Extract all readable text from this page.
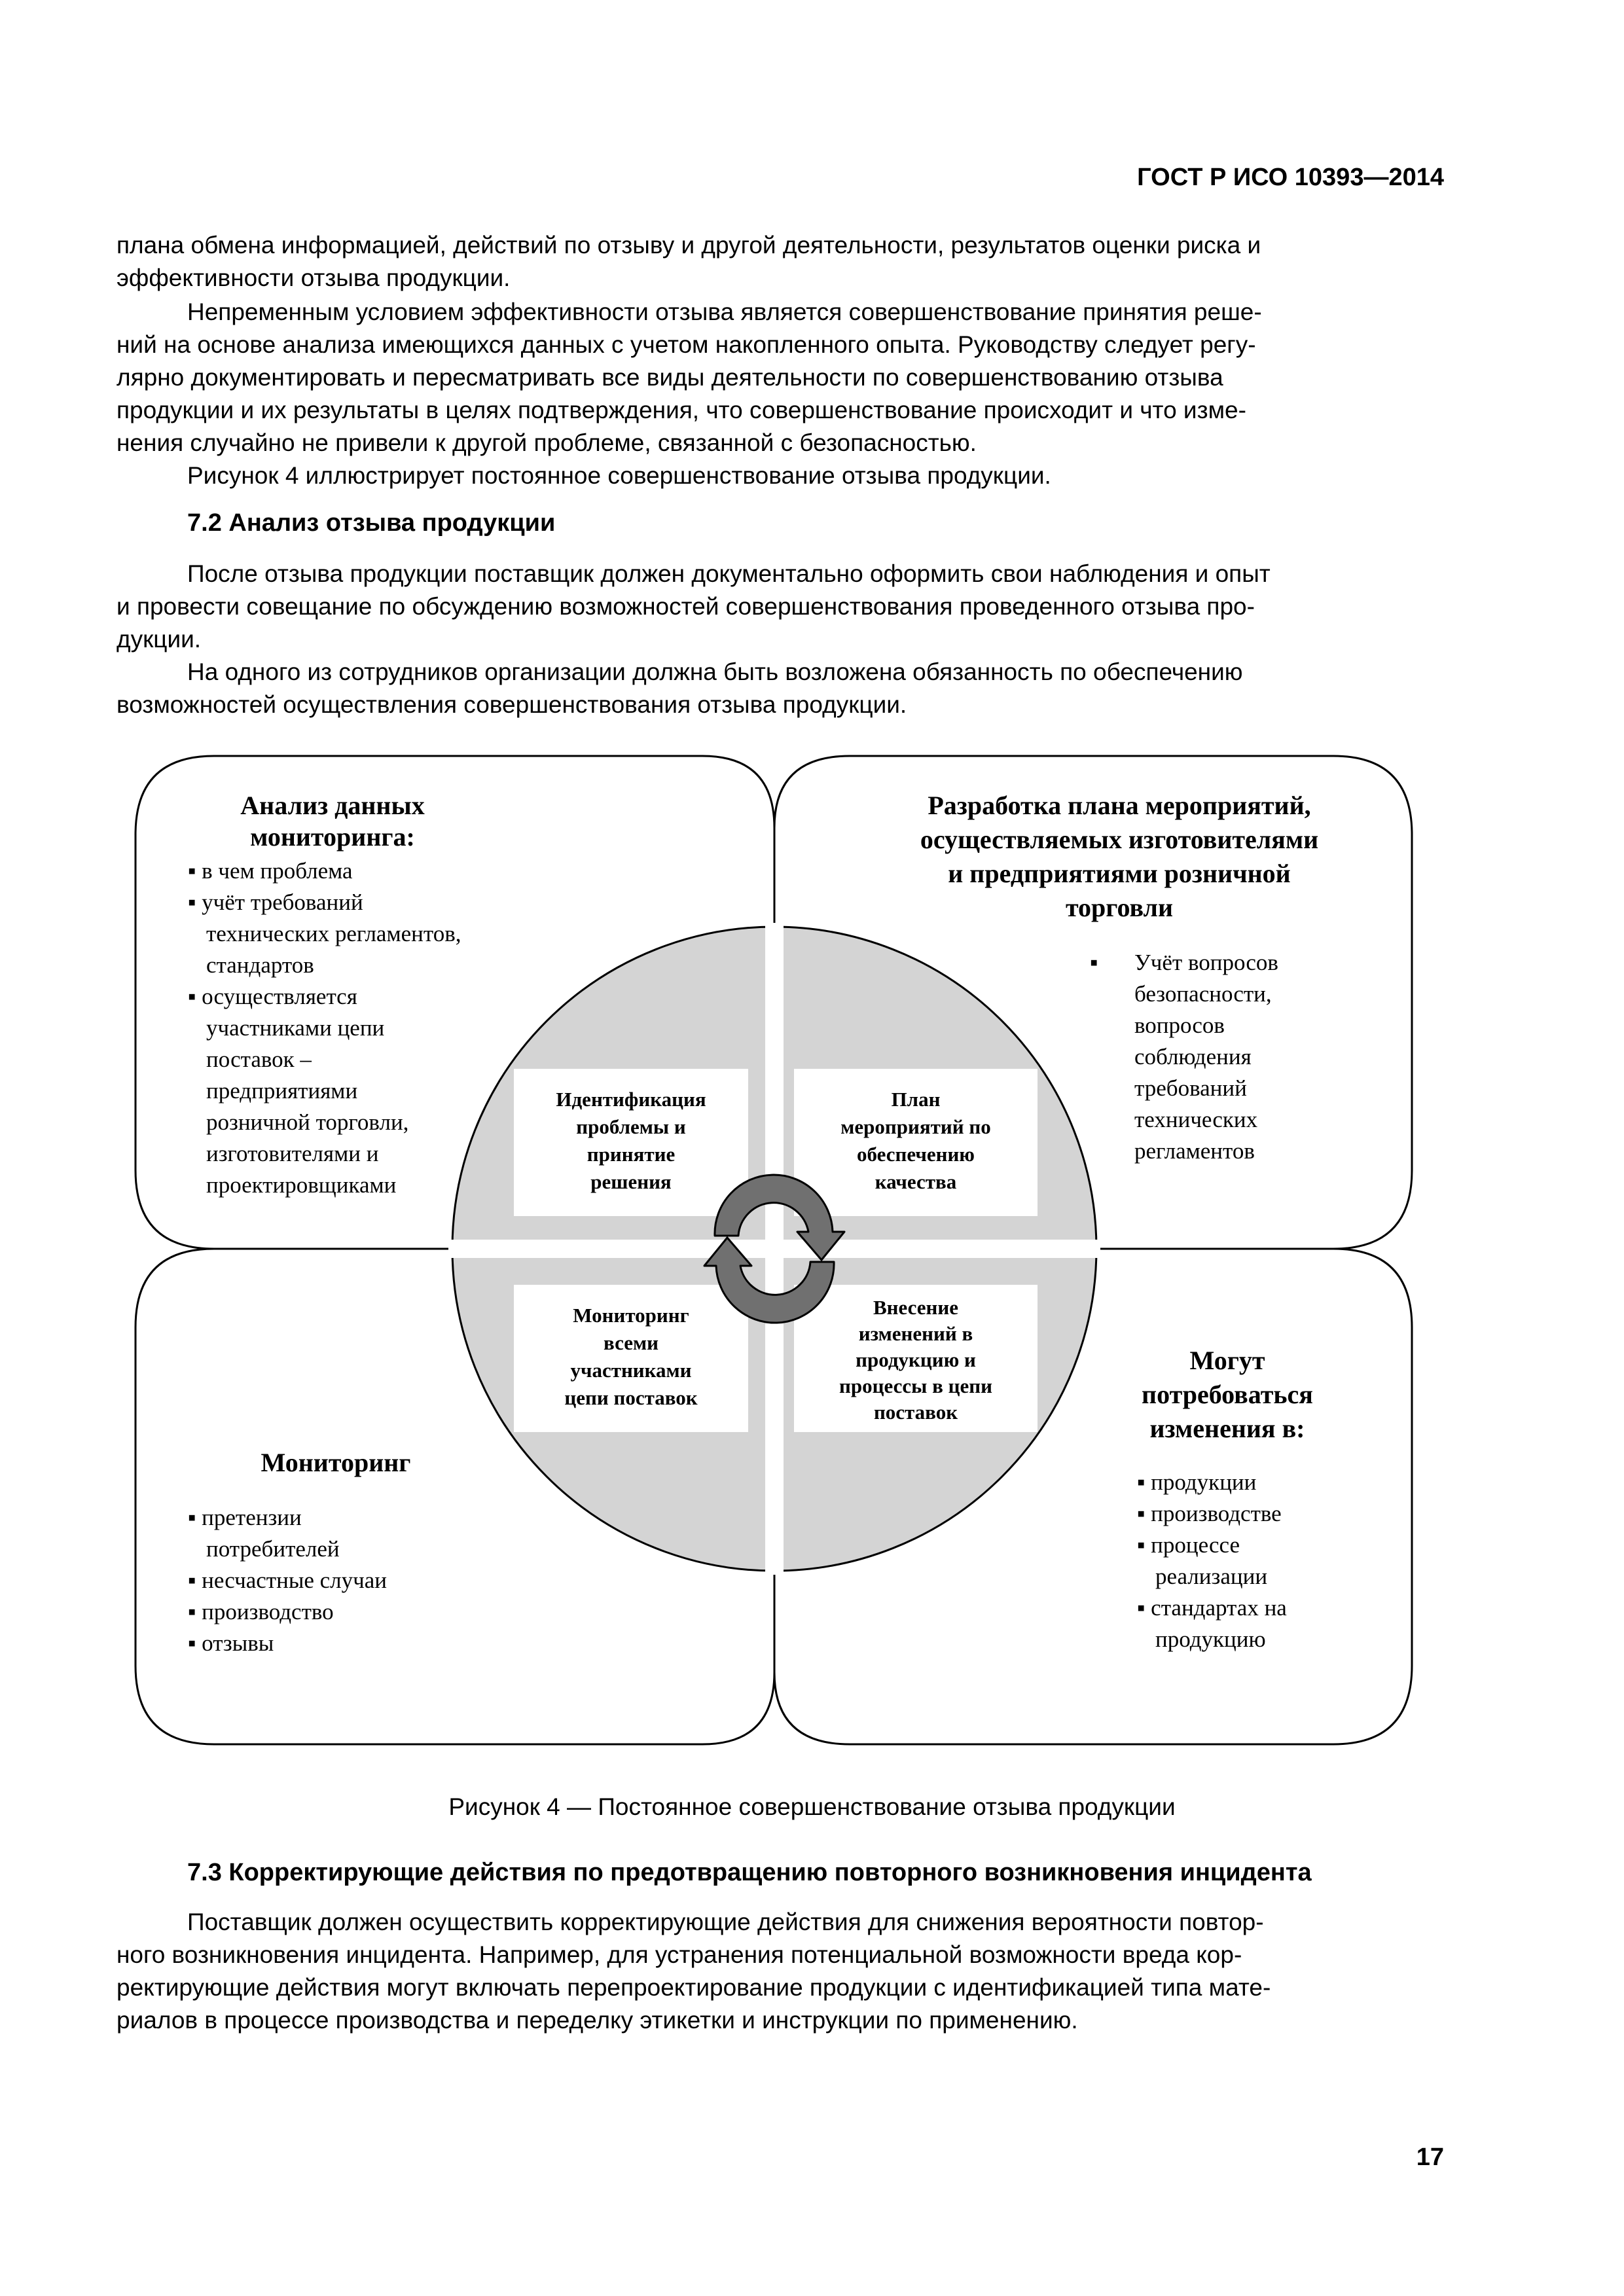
ГОСТ Р ИСО 10393—2014

плана обмена информацией, действий по отзыву и другой деятельности, результатов оценки риска и

эффективности отзыва продукции.

Непременным условием эффективности отзыва является совершенствование принятия реше-

ний на основе анализа имеющихся данных с учетом накопленного опыта. Руководству следует регу-

лярно документировать и пересматривать все виды деятельности по совершенствованию отзыва

продукции и их результаты в целях подтверждения, что совершенствование происходит и что изме-

нения случайно не привели к другой проблеме, связанной с безопасностью.

Рисунок 4 иллюстрирует постоянное совершенствование отзыва продукции.

7.2 Анализ отзыва продукции

После отзыва продукции поставщик должен документально оформить свои наблюдения и опыт

и провести совещание по обсуждению возможностей совершенствования проведенного отзыва про-

дукции.

На одного из сотрудников организации должна быть возложена обязанность по обеспечению

возможностей осуществления совершенствования отзыва продукции.

Анализ данных
мониторинга:
▪ в чем проблема
▪ учёт требований
технических регламентов,
стандартов
▪ осуществляется
участниками цепи
поставок –
предприятиями
розничной торговли,
изготовителями и
проектировщиками
Разработка плана мероприятий,
осуществляемых изготовителями
и предприятиями розничной
торговли
▪ Учёт вопросов
безопасности,
вопросов
соблюдения
требований
технических
регламентов
Мониторинг
▪ претензии
потребителей
▪ несчастные случаи
▪ производство
▪ отзывы
Могут
потребоваться
изменения в:
▪ продукции
▪ производстве
▪ процессе
реализации
▪ стандартах на
продукцию
Идентификация
проблемы и
принятие
решения
План
мероприятий по
обеспечению
качества
Мониторинг
всеми
участниками
цепи поставок
Внесение
изменений в
продукцию и
процессы в цепи
поставок
Рисунок 4 — Постоянное совершенствование отзыва продукции
7.3 Корректирующие действия по предотвращению повторного возникновения инцидента

Поставщик должен осуществить корректирующие действия для снижения вероятности повтор-

ного возникновения инцидента. Например, для устранения потенциальной возможности вреда кор-

ректирующие действия могут включать перепроектирование продукции с идентификацией типа мате-

риалов в процессе производства и переделку этикетки и инструкции по применению.

17
